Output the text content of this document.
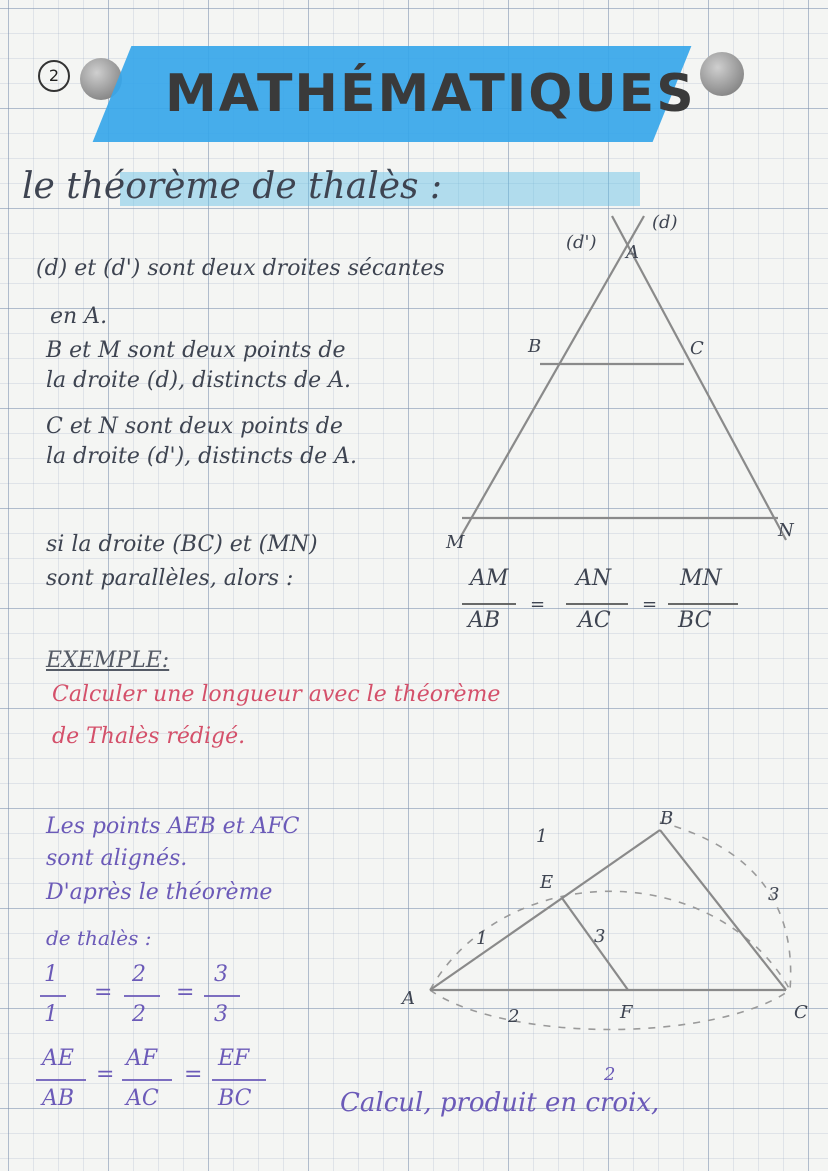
2 MATHÉMATIQUES
le théorème de thalès :
(d) et (d') sont deux droites sécantes
en A.
B et M sont deux points de
la droite (d), distincts de A.
C et N sont deux points de
la droite (d'), distincts de A.
si la droite (BC) et (MN)
sont parallèles, alors :
(d')
(d)
A
B	C
M
N
=	=
A
B
C
E
F
1
1	3
2
3
AM
AB
AN
AC
MN
BC
EXEMPLE:
Calculer une longueur avec le théorème
de Thalès rédigé.
Les points AEB et AFC
sont alignés.
D'après le théorème
de thalès :
1
1
=
2
2
=
3
3
AE
AB
=
AF
AC
=
EF
BC
2
Calcul, produit en croix,
